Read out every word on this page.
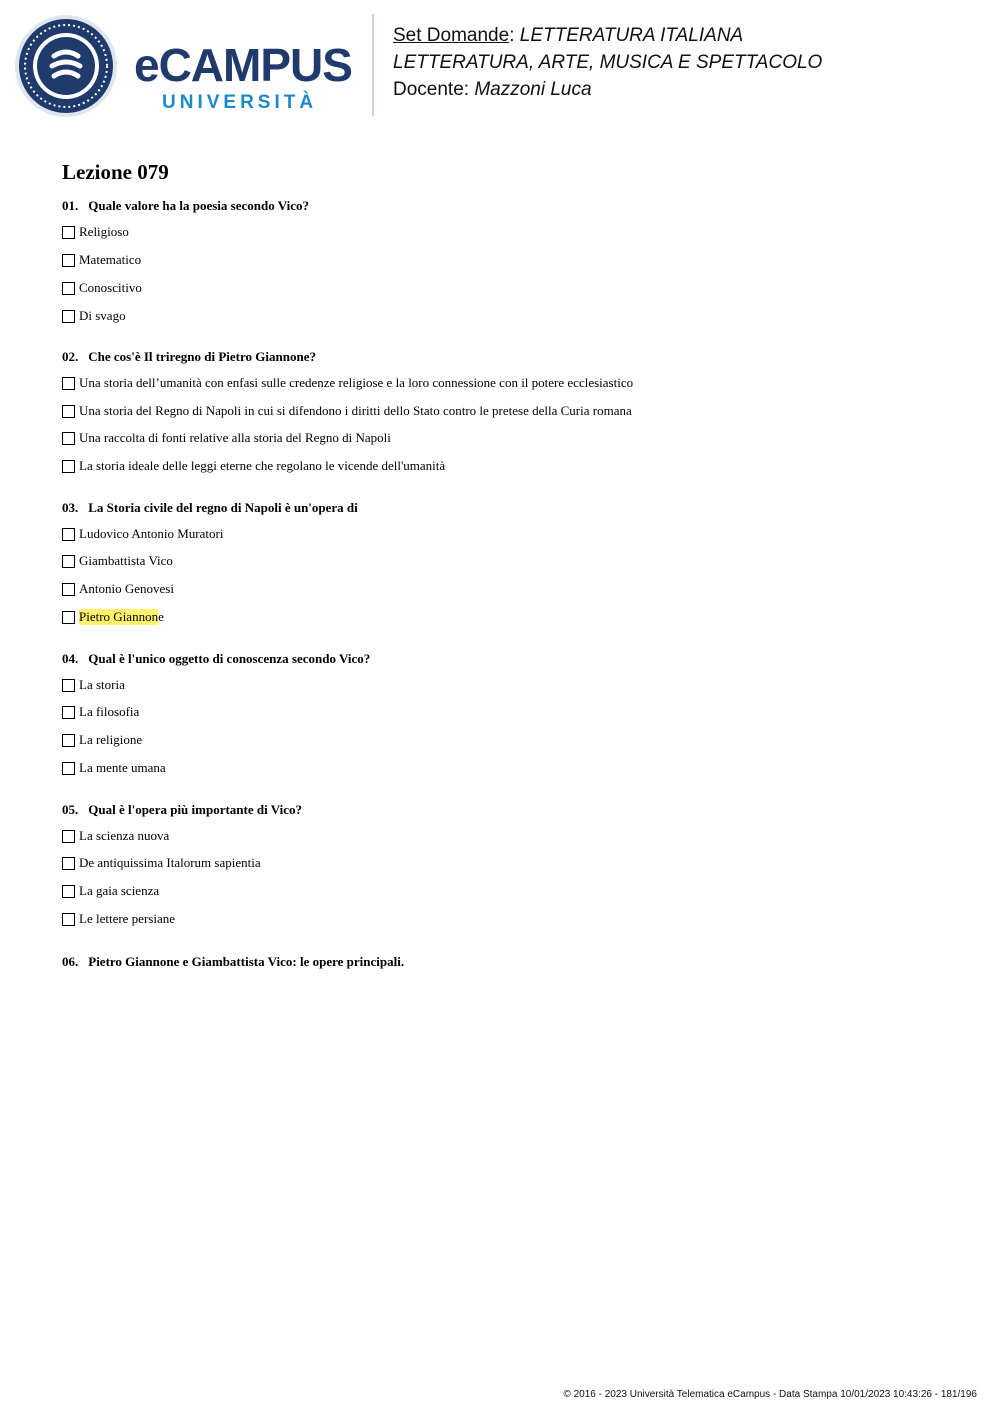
eCAMPUS
UNIVERSITÀ
Set Domande: LETTERATURA ITALIANA
LETTERATURA, ARTE, MUSICA E SPETTACOLO
Docente: Mazzoni Luca
Lezione 079
01. Quale valore ha la poesia secondo Vico?
Religioso
Matematico
Conoscitivo
Di svago
02. Che cos'è Il triregno di Pietro Giannone?
Una storia dell’umanità con enfasi sulle credenze religiose e la loro connessione con il potere ecclesiastico
Una storia del Regno di Napoli in cui si difendono i diritti dello Stato contro le pretese della Curia romana
Una raccolta di fonti relative alla storia del Regno di Napoli
La storia ideale delle leggi eterne che regolano le vicende dell'umanità
03. La Storia civile del regno di Napoli è un'opera di
Ludovico Antonio Muratori
Giambattista Vico
Antonio Genovesi
Pietro Giannon e
04. Qual è l'unico oggetto di conoscenza secondo Vico?
La storia
La filosofia
La religione
La mente umana
05. Qual è l'opera più importante di Vico?
La scienza nuova
De antiquissima Italorum sapientia
La gaia scienza
Le lettere persiane
06. Pietro Giannone e Giambattista Vico: le opere principali.
© 2016 - 2023 Università Telematica eCampus - Data Stampa 10/01/2023 10:43:26 - 181/196
